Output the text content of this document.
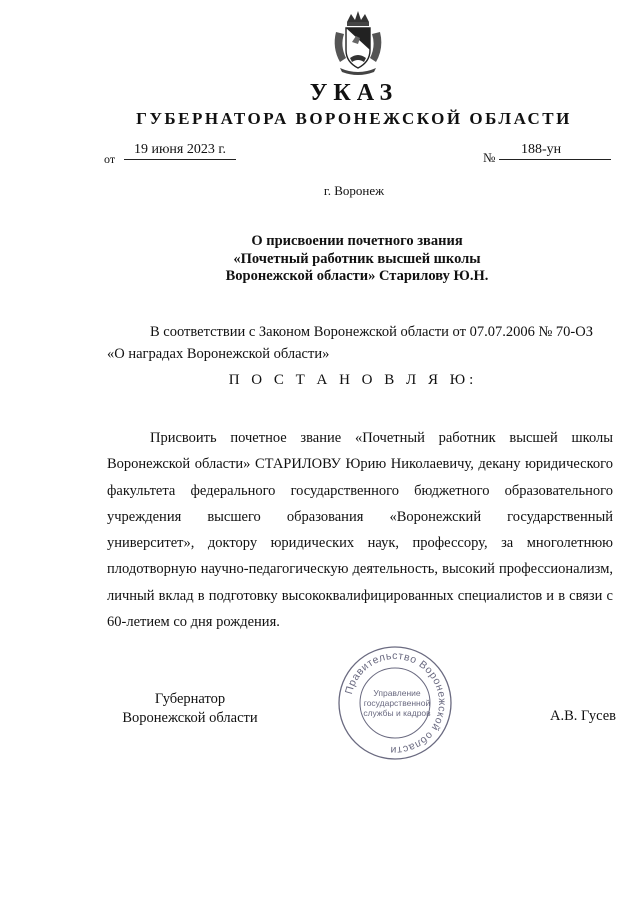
УКАЗ
ГУБЕРНАТОРА ВОРОНЕЖСКОЙ ОБЛАСТИ
от
19 июня 2023 г.
№
188-ун
г. Воронеж
О присвоении почетного звания
«Почетный работник высшей школы
Воронежской области» Старилову Ю.Н.
В соответствии с Законом Воронежской области от 07.07.2006 № 70-ОЗ
«О наградах Воронежской области»
П О С Т А Н О В Л Я Ю:
Присвоить почетное звание «Почетный работник высшей школы Воронежской области» СТАРИЛОВУ Юрию Николаевичу, декану юридического факультета федерального государственного бюджетного образовательного учреждения высшего образования «Воронежский государственный университет», доктору юридических наук, профессору, за многолетнюю плодотворную научно-педагогическую деятельность, высокий профессионализм, личный вклад в подготовку высококвалифицированных специалистов и в связи с 60-летием со дня рождения.
Губернатор
Воронежской области
Правительство Воронежской области
Управление
государственной
службы и кадров	А.В. Гусев
